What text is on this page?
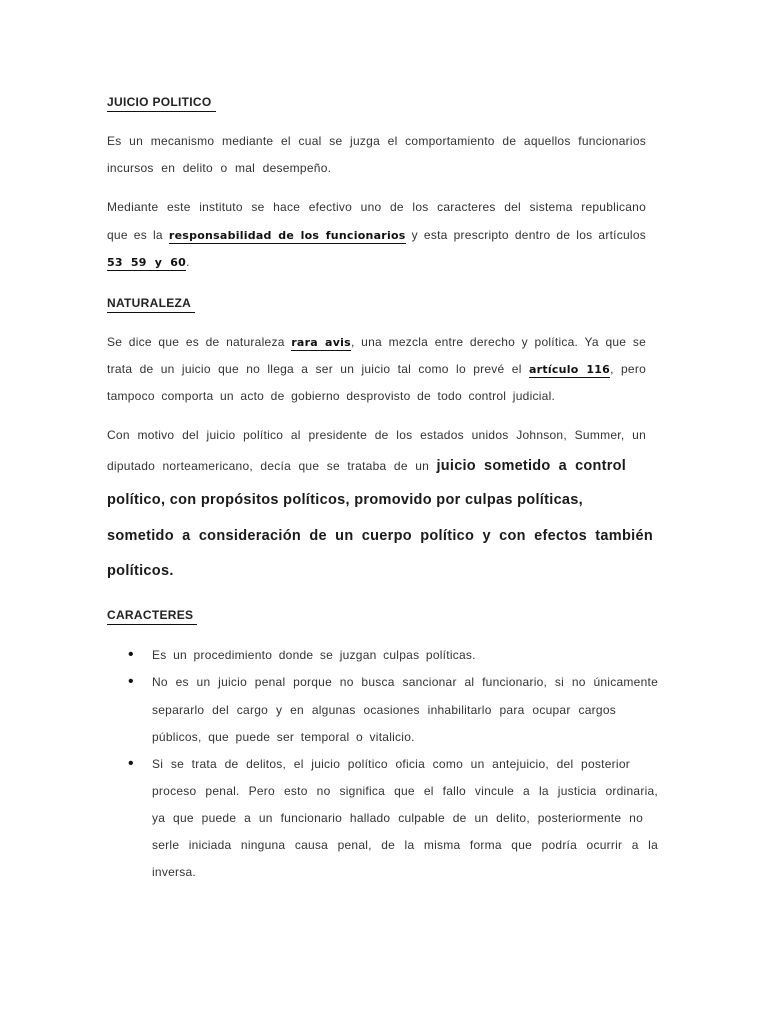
JUICIO POLITICO
Es un mecanismo mediante el cual se juzga el comportamiento de aquellos funcionarios
incursos en delito o mal desempeño.
Mediante este instituto se hace efectivo uno de los caracteres del sistema republicano
que es la responsabilidad de los funcionarios y esta prescripto dentro de los artículos
53 59 y 60.
NATURALEZA
Se dice que es de naturaleza rara avis, una mezcla entre derecho y política. Ya que se
trata de un juicio que no llega a ser un juicio tal como lo prevé el artículo 116, pero
tampoco comporta un acto de gobierno desprovisto de todo control judicial.
Con motivo del juicio político al presidente de los estados unidos Johnson, Summer, un
diputado norteamericano, decía que se trataba de un juicio sometido a control
político, con propósitos políticos, promovido por culpas políticas,
sometido a consideración de un cuerpo político y con efectos también
políticos.
CARACTERES
• Es un procedimiento donde se juzgan culpas políticas.
• No es un juicio penal porque no busca sancionar al funcionario, si no únicamente
separarlo del cargo y en algunas ocasiones inhabilitarlo para ocupar cargos
públicos, que puede ser temporal o vitalicio.
• Si se trata de delitos, el juicio político oficia como un antejuicio, del posterior
proceso penal. Pero esto no significa que el fallo vincule a la justicia ordinaria,
ya que puede a un funcionario hallado culpable de un delito, posteriormente no
serle iniciada ninguna causa penal, de la misma forma que podría ocurrir a la
inversa.
